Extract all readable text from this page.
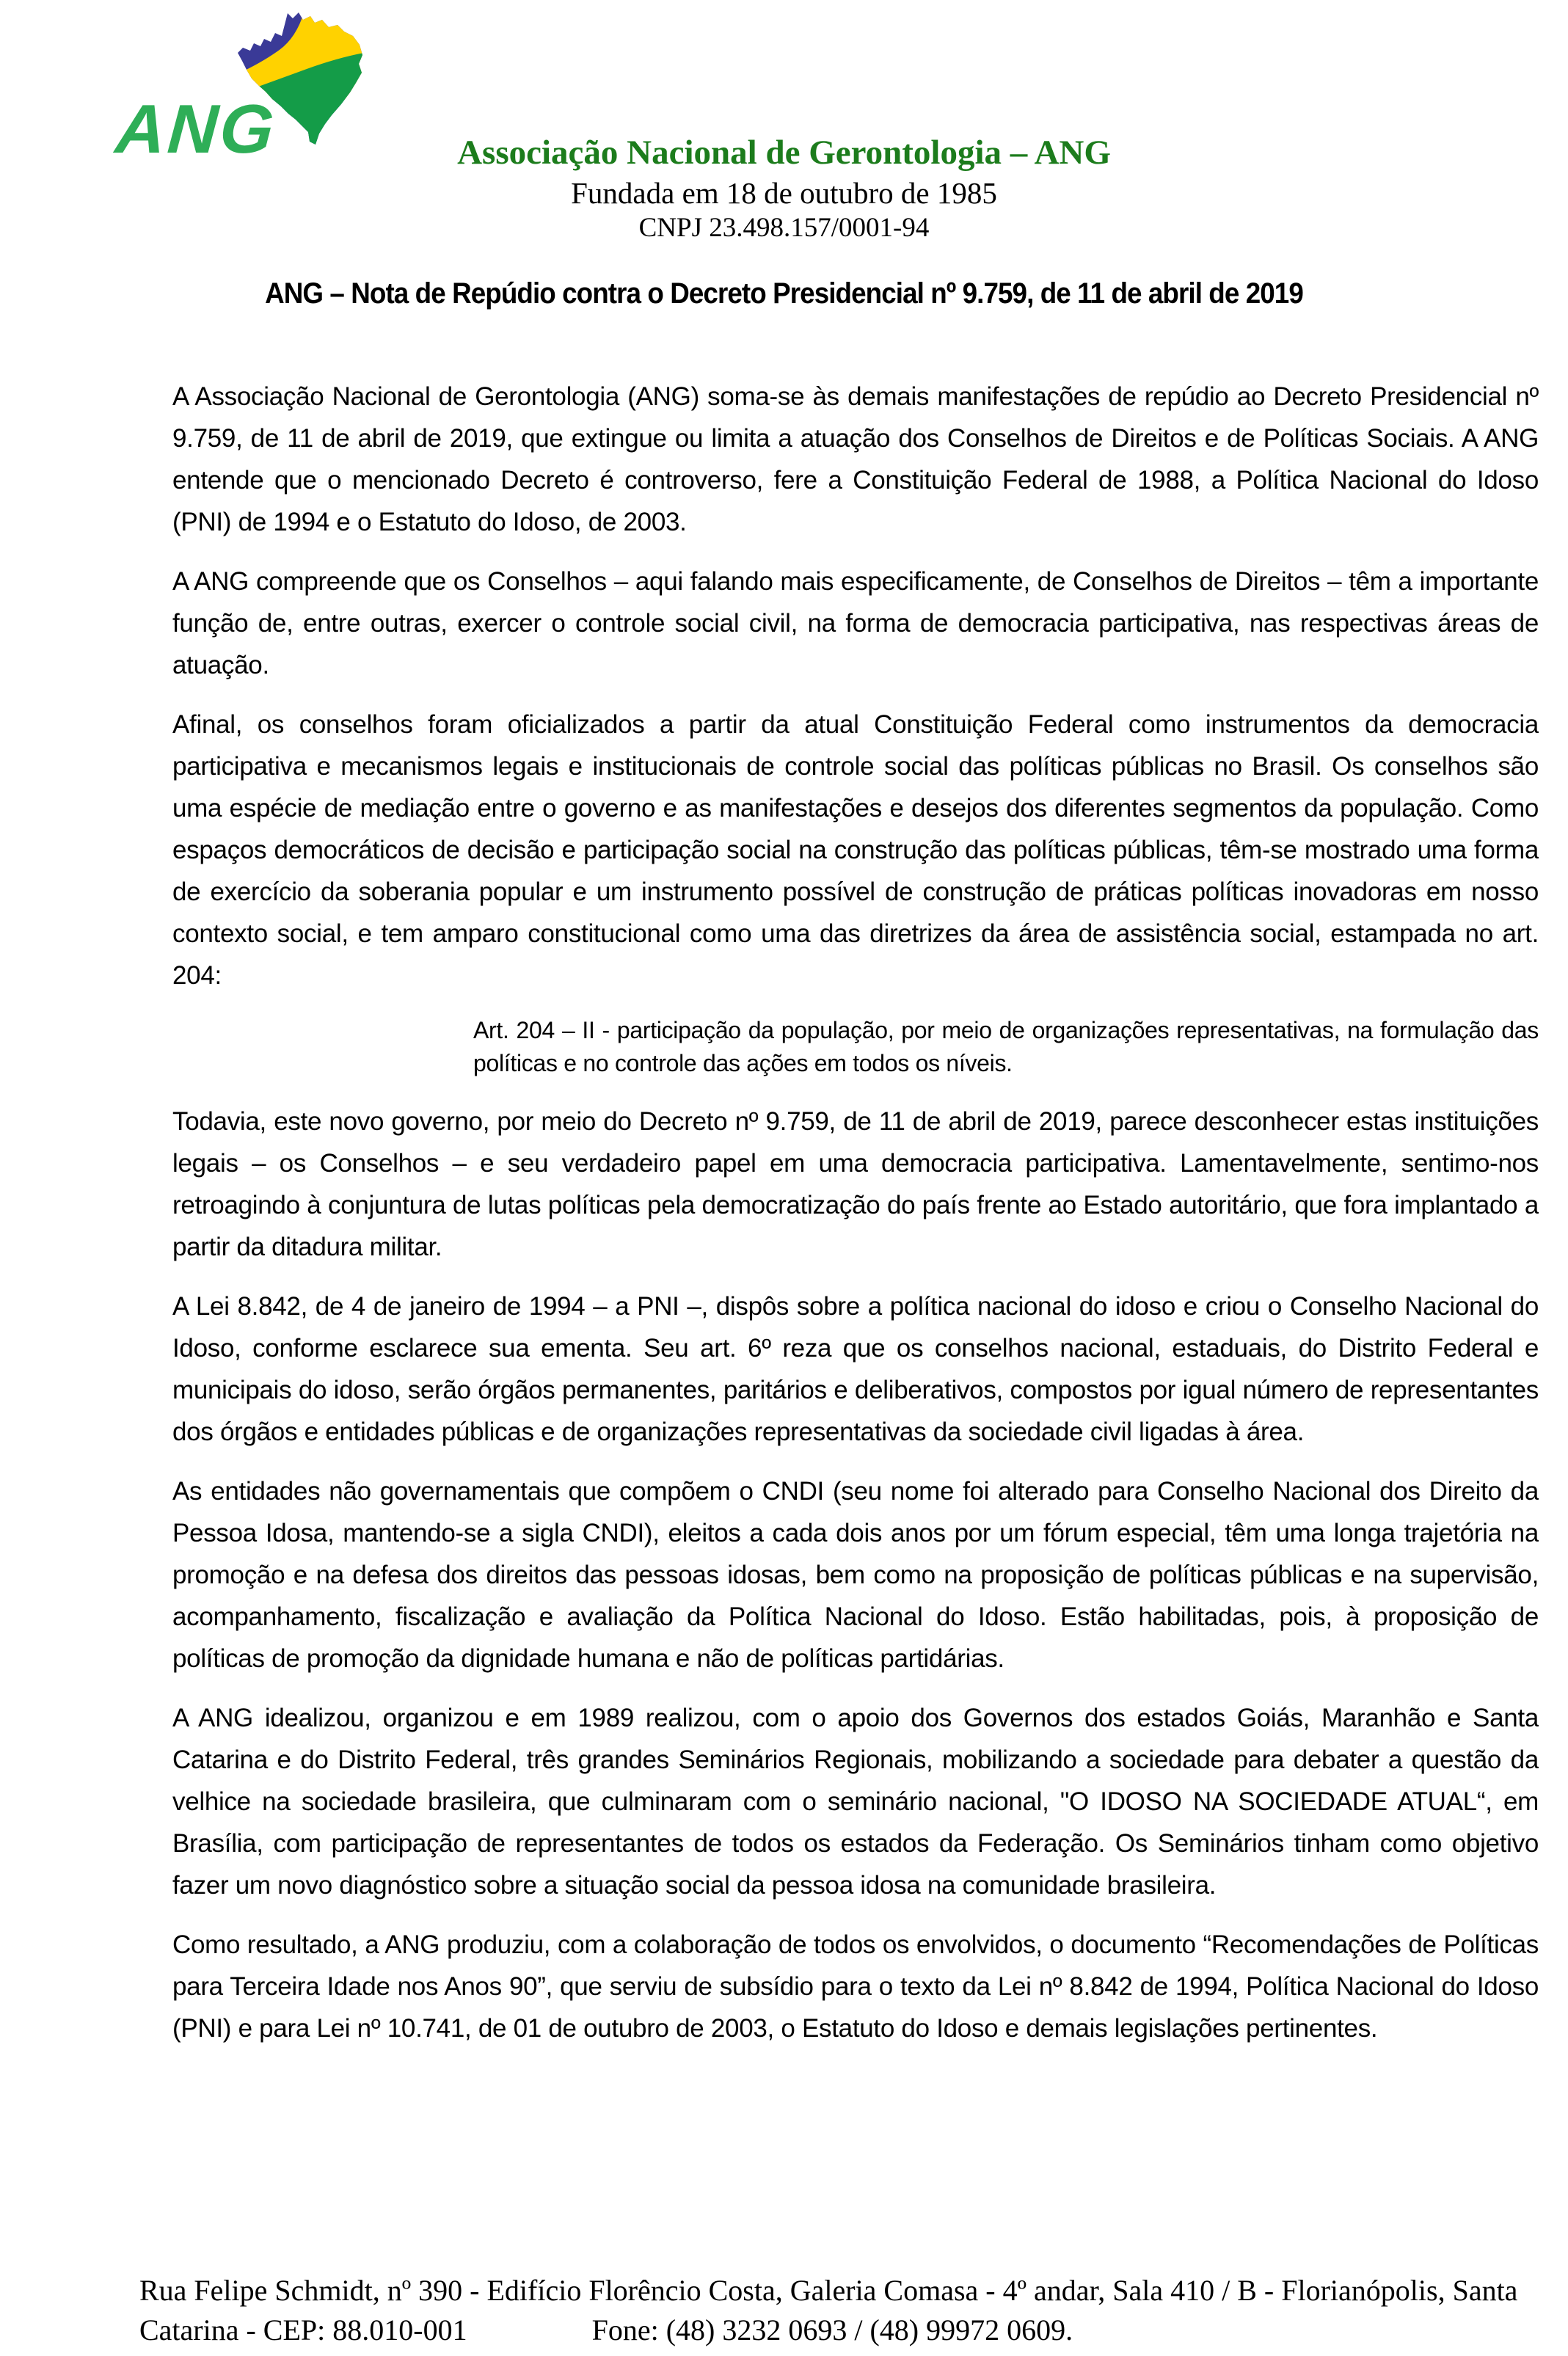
ANG	Associação Nacional de Gerontologia – ANG
Fundada em 18 de outubro de 1985
CNPJ 23.498.157/0001-94
ANG – Nota de Repúdio contra o Decreto Presidencial nº 9.759, de 11 de abril de 2019

A Associação Nacional de Gerontologia (ANG) soma-se às demais manifestações de repúdio ao Decreto Presidencial nº 9.759, de 11 de abril de 2019, que extingue ou limita a atuação dos Conselhos de Direitos e de Políticas Sociais. A ANG entende que o mencionado Decreto é controverso, fere a Constituição Federal de 1988, a Política Nacional do Idoso (PNI) de 1994 e o Estatuto do Idoso, de 2003.

A ANG compreende que os Conselhos – aqui falando mais especificamente, de Conselhos de Direitos – têm a importante função de, entre outras, exercer o controle social civil, na forma de democracia participativa, nas respectivas áreas de atuação.

Afinal, os conselhos foram oficializados a partir da atual Constituição Federal como instrumentos da democracia participativa e mecanismos legais e institucionais de controle social das políticas públicas no Brasil. Os conselhos são uma espécie de mediação entre o governo e as manifestações e desejos dos diferentes segmentos da população. Como espaços democráticos de decisão e participação social na construção das políticas públicas, têm-se mostrado uma forma de exercício da soberania popular e um instrumento possível de construção de práticas políticas inovadoras em nosso contexto social, e tem amparo constitucional como uma das diretrizes da área de assistência social, estampada no art. 204:

Art. 204 – II - participação da população, por meio de organizações representativas, na formulação das políticas e no controle das ações em todos os níveis.

Todavia, este novo governo, por meio do Decreto nº 9.759, de 11 de abril de 2019, parece desconhecer estas instituições legais – os Conselhos – e seu verdadeiro papel em uma democracia participativa. Lamentavelmente, sentimo-nos retroagindo à conjuntura de lutas políticas pela democratização do país frente ao Estado autoritário, que fora implantado a partir da ditadura militar.

A Lei 8.842, de 4 de janeiro de 1994 – a PNI –, dispôs sobre a política nacional do idoso e criou o Conselho Nacional do Idoso, conforme esclarece sua ementa. Seu art. 6º reza que os conselhos nacional, estaduais, do Distrito Federal e municipais do idoso, serão órgãos permanentes, paritários e deliberativos, compostos por igual número de representantes dos órgãos e entidades públicas e de organizações representativas da sociedade civil ligadas à área.

As entidades não governamentais que compõem o CNDI (seu nome foi alterado para Conselho Nacional dos Direito da Pessoa Idosa, mantendo-se a sigla CNDI), eleitos a cada dois anos por um fórum especial, têm uma longa trajetória na promoção e na defesa dos direitos das pessoas idosas, bem como na proposição de políticas públicas e na supervisão, acompanhamento, fiscalização e avaliação da Política Nacional do Idoso. Estão habilitadas, pois, à proposição de políticas de promoção da dignidade humana e não de políticas partidárias.

A ANG idealizou, organizou e em 1989 realizou, com o apoio dos Governos dos estados Goiás, Maranhão e Santa Catarina e do Distrito Federal, três grandes Seminários Regionais, mobilizando a sociedade para debater a questão da velhice na sociedade brasileira, que culminaram com o seminário nacional, "O IDOSO NA SOCIEDADE ATUAL“, em Brasília, com participação de representantes de todos os estados da Federação. Os Seminários tinham como objetivo fazer um novo diagnóstico sobre a situação social da pessoa idosa na comunidade brasileira.

Como resultado, a ANG produziu, com a colaboração de todos os envolvidos, o documento “Recomendações de Políticas para Terceira Idade nos Anos 90”, que serviu de subsídio para o texto da Lei nº 8.842 de 1994, Política Nacional do Idoso (PNI) e para Lei nº 10.741, de 01 de outubro de 2003, o Estatuto do Idoso e demais legislações pertinentes.

Rua Felipe Schmidt, nº 390 - Edifício Florêncio Costa, Galeria Comasa - 4º andar, Sala 410 / B - Florianópolis, Santa
Catarina - CEP: 88.010-001	Fone: (48) 3232 0693 / (48) 99972 0609.
